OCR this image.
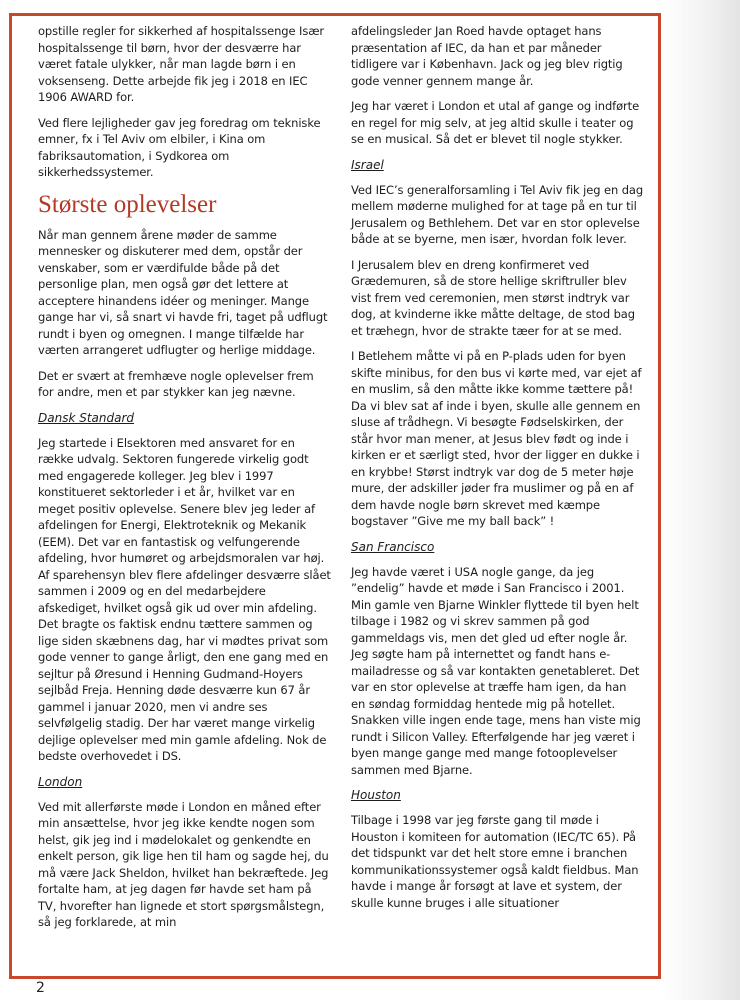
opstille regler for sikkerhed af hospitalssenge Især hospitalssenge til børn, hvor der desværre har været fatale ulykker, når man lagde børn i en voksenseng. Dette arbejde fik jeg i 2018 en IEC 1906 AWARD for.

Ved flere lejligheder gav jeg foredrag om tekniske emner, fx i Tel Aviv om elbiler, i Kina om fabriksautomation, i Sydkorea om sikkerhedssystemer.

Største oplevelser

Når man gennem årene møder de samme mennesker og diskuterer med dem, opstår der venskaber, som er værdifulde både på det personlige plan, men også gør det lettere at acceptere hinandens idéer og meninger. Mange gange har vi, så snart vi havde fri, taget på udflugt rundt i byen og omegnen. I mange tilfælde har værten arrangeret udflugter og herlige middage.

Det er svært at fremhæve nogle oplevelser frem for andre, men et par stykker kan jeg nævne.

Dansk Standard

Jeg startede i Elsektoren med ansvaret for en række udvalg. Sektoren fungerede virkelig godt med engagerede kolleger. Jeg blev i 1997 konstitueret sektorleder i et år, hvilket var en meget positiv oplevelse. Senere blev jeg leder af afdelingen for Energi, Elektroteknik og Mekanik (EEM). Det var en fantastisk og velfungerende afdeling, hvor humøret og arbejdsmoralen var høj. Af sparehensyn blev flere afdelinger desværre slået sammen i 2009 og en del medarbejdere afskediget, hvilket også gik ud over min afdeling. Det bragte os faktisk endnu tættere sammen og lige siden skæbnens dag, har vi mødtes privat som gode venner to gange årligt, den ene gang med en sejltur på Øresund i Henning Gudmand-Hoyers sejlbåd Freja. Henning døde desværre kun 67 år gammel i januar 2020, men vi andre ses selvfølgelig stadig. Der har været mange virkelig dejlige oplevelser med min gamle afdeling. Nok de bedste overhovedet i DS.

London

Ved mit allerførste møde i London en måned efter min ansættelse, hvor jeg ikke kendte nogen som helst, gik jeg ind i mødelokalet og genkendte en enkelt person, gik lige hen til ham og sagde hej, du må være Jack Sheldon, hvilket han bekræftede. Jeg fortalte ham, at jeg dagen før havde set ham på TV, hvorefter han lignede et stort spørgsmålstegn, så jeg forklarede, at min

afdelingsleder Jan Roed havde optaget hans præsentation af IEC, da han et par måneder tidligere var i København. Jack og jeg blev rigtig gode venner gennem mange år.

Jeg har været i London et utal af gange og indførte en regel for mig selv, at jeg altid skulle i teater og se en musical. Så det er blevet til nogle stykker.

Israel

Ved IEC’s generalforsamling i Tel Aviv fik jeg en dag mellem møderne mulighed for at tage på en tur til Jerusalem og Bethlehem. Det var en stor oplevelse både at se byerne, men især, hvordan folk lever.

I Jerusalem blev en dreng konfirmeret ved Grædemuren, så de store hellige skriftruller blev vist frem ved ceremonien, men størst indtryk var dog, at kvinderne ikke måtte deltage, de stod bag et træhegn, hvor de strakte tæer for at se med.

I Betlehem måtte vi på en P-plads uden for byen skifte minibus, for den bus vi kørte med, var ejet af en muslim, så den måtte ikke komme tættere på! Da vi blev sat af inde i byen, skulle alle gennem en sluse af trådhegn. Vi besøgte Fødselskirken, der står hvor man mener, at Jesus blev født og inde i kirken er et særligt sted, hvor der ligger en dukke i en krybbe! Størst indtryk var dog de 5 meter høje mure, der adskiller jøder fra muslimer og på en af dem havde nogle børn skrevet med kæmpe bogstaver ”Give me my ball back” !

San Francisco

Jeg havde været i USA nogle gange, da jeg ”endelig” havde et møde i San Francisco i 2001. Min gamle ven Bjarne Winkler flyttede til byen helt tilbage i 1982 og vi skrev sammen på god gammeldags vis, men det gled ud efter nogle år. Jeg søgte ham på internettet og fandt hans e-mailadresse og så var kontakten genetableret. Det var en stor oplevelse at træffe ham igen, da han en søndag formiddag hentede mig på hotellet. Snakken ville ingen ende tage, mens han viste mig rundt i Silicon Valley. Efterfølgende har jeg været i byen mange gange med mange fotooplevelser sammen med Bjarne.

Houston

Tilbage i 1998 var jeg første gang til møde i Houston i komiteen for automation (IEC/TC 65). På det tidspunkt var det helt store emne i branchen kommunikationssystemer også kaldt fieldbus. Man havde i mange år forsøgt at lave et system, der skulle kunne bruges i alle situationer

2
